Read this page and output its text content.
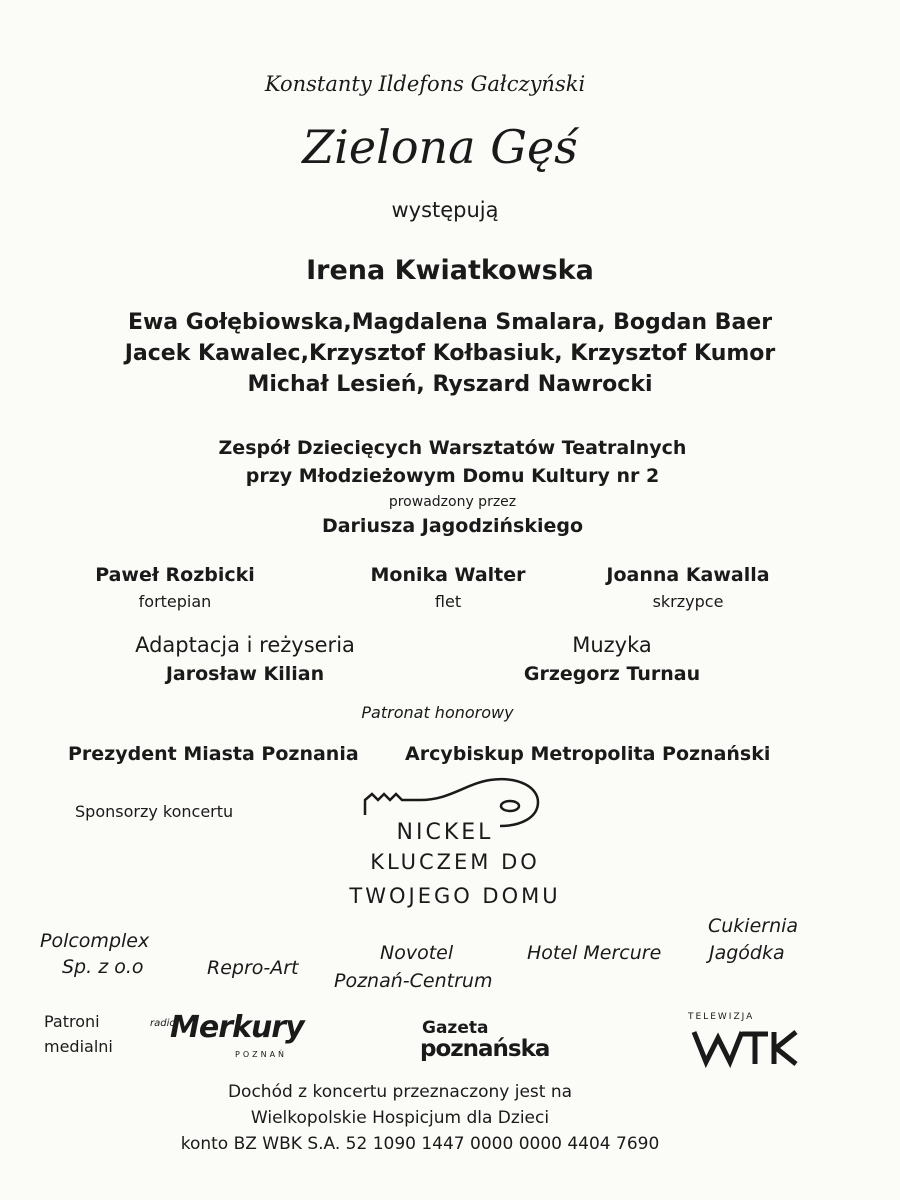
Konstanty Ildefons Gałczyński
Zielona Gęś
występują
Irena Kwiatkowska
Ewa Gołębiowska,Magdalena Smalara, Bogdan Baer
Jacek Kawalec,Krzysztof Kołbasiuk, Krzysztof Kumor
Michał Lesień, Ryszard Nawrocki
Zespół Dziecięcych Warsztatów Teatralnych
przy Młodzieżowym Domu Kultury nr 2
prowadzony przez
Dariusza Jagodzińskiego
Paweł Rozbicki
fortepian
Monika Walter
flet
Joanna Kawalla
skrzypce
Adaptacja i reżyseria
Jarosław Kilian
Muzyka
Grzegorz Turnau
Patronat honorowy
Prezydent Miasta Poznania Arcybiskup Metropolita Poznański
Sponsorzy koncertu
NICKEL
KLUCZEM DO
TWOJEGO DOMU
Polcomplex
Sp. z o.o	Repro-Art
Novotel
Poznań-Centrum
Hotel Mercure
Cukiernia
Jagódka
Patroni
medialni
radio
Merkury
POZNAŃ
Gazeta
poznańska
TELEWIZJA
Dochód z koncertu przeznaczony jest na
Wielkopolskie Hospicjum dla Dzieci
konto BZ WBK S.A. 52 1090 1447 0000 0000 4404 7690
